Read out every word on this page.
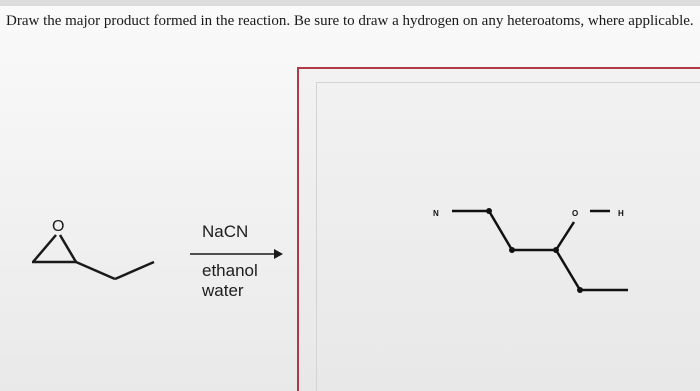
Draw the major product formed in the reaction. Be sure to draw a hydrogen on any heteroatoms, where applicable.
O	NaCN
ethanol
water
N	O	H
